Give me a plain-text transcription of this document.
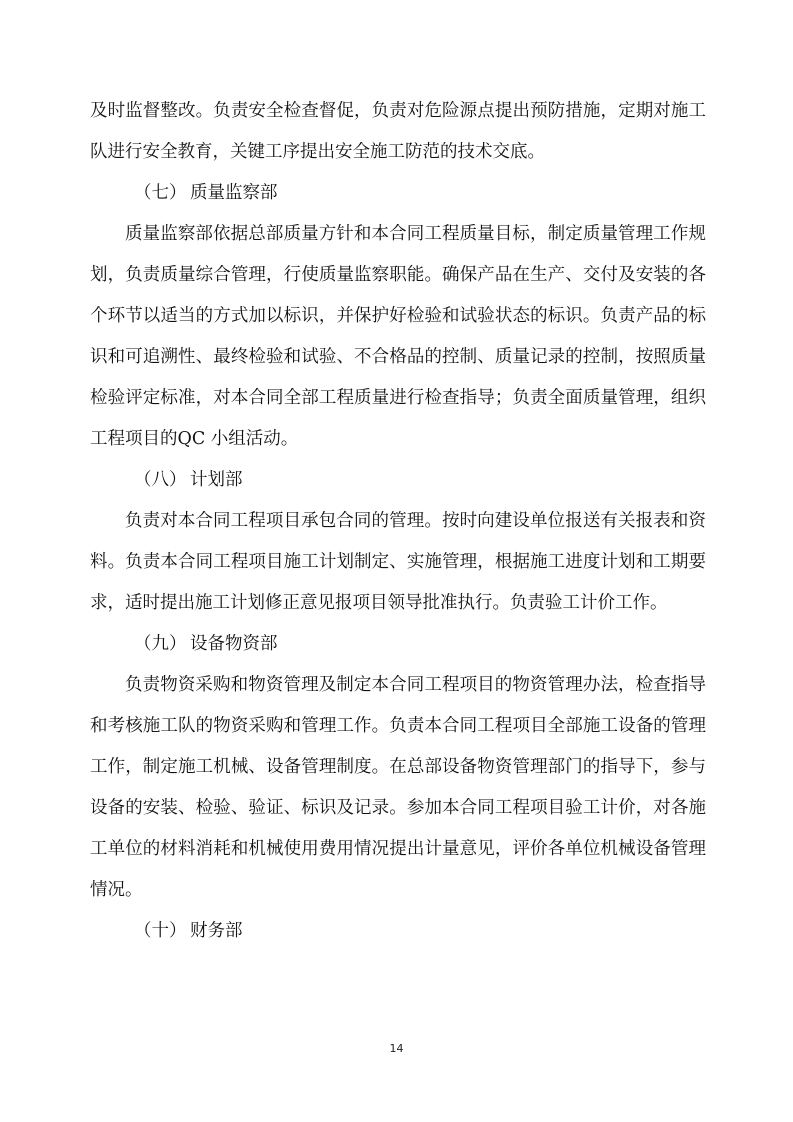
及时监督整改。负责安全检查督促，负责对危险源点提出预防措施，定期对施工队进行安全教育，关键工序提出安全施工防范的技术交底。

（七） 质量监察部

质量监察部依据总部质量方针和本合同工程质量目标，制定质量管理工作规划，负责质量综合管理，行使质量监察职能。确保产品在生产、交付及安装的各个环节以适当的方式加以标识，并保护好检验和试验状态的标识。负责产品的标识和可追溯性、最终检验和试验、不合格品的控制、质量记录的控制，按照质量检验评定标准，对本合同全部工程质量进行检查指导；负责全面质量管理，组织工程项目的QC 小组活动。

（八） 计划部

负责对本合同工程项目承包合同的管理。按时向建设单位报送有关报表和资料。负责本合同工程项目施工计划制定、实施管理，根据施工进度计划和工期要求，适时提出施工计划修正意见报项目领导批准执行。负责验工计价工作。

（九） 设备物资部

负责物资采购和物资管理及制定本合同工程项目的物资管理办法，检查指导和考核施工队的物资采购和管理工作。负责本合同工程项目全部施工设备的管理工作，制定施工机械、设备管理制度。在总部设备物资管理部门的指导下，参与设备的安装、检验、验证、标识及记录。参加本合同工程项目验工计价，对各施工单位的材料消耗和机械使用费用情况提出计量意见，评价各单位机械设备管理情况。

（十） 财务部

14
